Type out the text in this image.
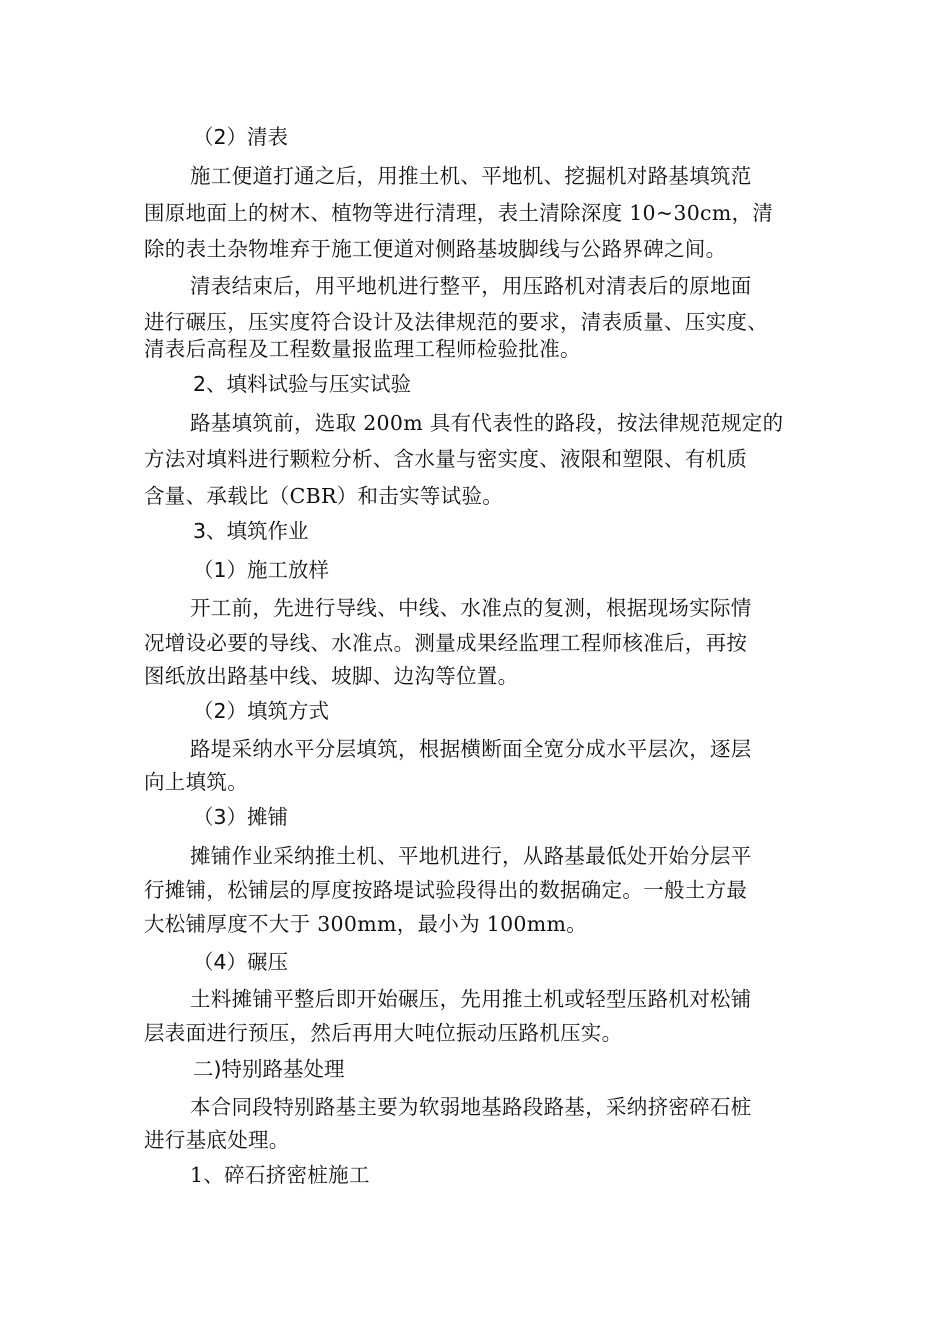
（2）清表
施工便道打通之后，用推土机、平地机、挖掘机对路基填筑范
围原地面上的树木、植物等进行清理，表土清除深度 10~30cm，清
除的表土杂物堆弃于施工便道对侧路基坡脚线与公路界碑之间。
清表结束后，用平地机进行整平，用压路机对清表后的原地面
进行碾压，压实度符合设计及法律规范的要求，清表质量、压实度、
清表后高程及工程数量报监理工程师检验批准。
2、填料试验与压实试验
路基填筑前，选取 200m 具有代表性的路段，按法律规范规定的
方法对填料进行颗粒分析、含水量与密实度、液限和塑限、有机质
含量、承载比（CBR）和击实等试验。
3、填筑作业
（1）施工放样
开工前，先进行导线、中线、水准点的复测，根据现场实际情
况增设必要的导线、水准点。测量成果经监理工程师核准后，再按
图纸放出路基中线、坡脚、边沟等位置。
（2）填筑方式
路堤采纳水平分层填筑，根据横断面全宽分成水平层次，逐层
向上填筑。
（3）摊铺
摊铺作业采纳推土机、平地机进行，从路基最低处开始分层平
行摊铺，松铺层的厚度按路堤试验段得出的数据确定。一般土方最
大松铺厚度不大于 300mm，最小为 100mm。
（4）碾压
土料摊铺平整后即开始碾压，先用推土机或轻型压路机对松铺
层表面进行预压，然后再用大吨位振动压路机压实。
二)特别路基处理
本合同段特别路基主要为软弱地基路段路基，采纳挤密碎石桩
进行基底处理。
1、碎石挤密桩施工
